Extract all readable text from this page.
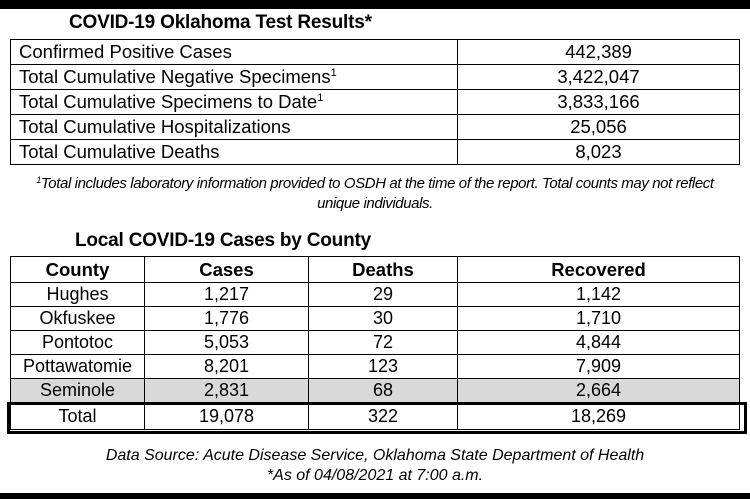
COVID-19 Oklahoma Test Results*
Confirmed Positive Cases	442,389
Total Cumulative Negative Specimens$^1$	3,422,047
Total Cumulative Specimens to Date$^1$	3,833,166
Total Cumulative Hospitalizations	25,056
Total Cumulative Deaths	8,023
$^1$Total includes laboratory information provided to OSDH at the time of the report. Total counts may not reflect unique individuals.
Local COVID-19 Cases by County
County	Cases	Deaths	Recovered
Hughes	1,217	29	1,142
Okfuskee	1,776	30	1,710
Pontotoc	5,053	72	4,844
Pottawatomie	8,201	123	7,909
Seminole	2,831	68	2,664
Total	19,078	322	18,269
Data Source: Acute Disease Service, Oklahoma State Department of Health
*As of 04/08/2021 at 7:00 a.m.
